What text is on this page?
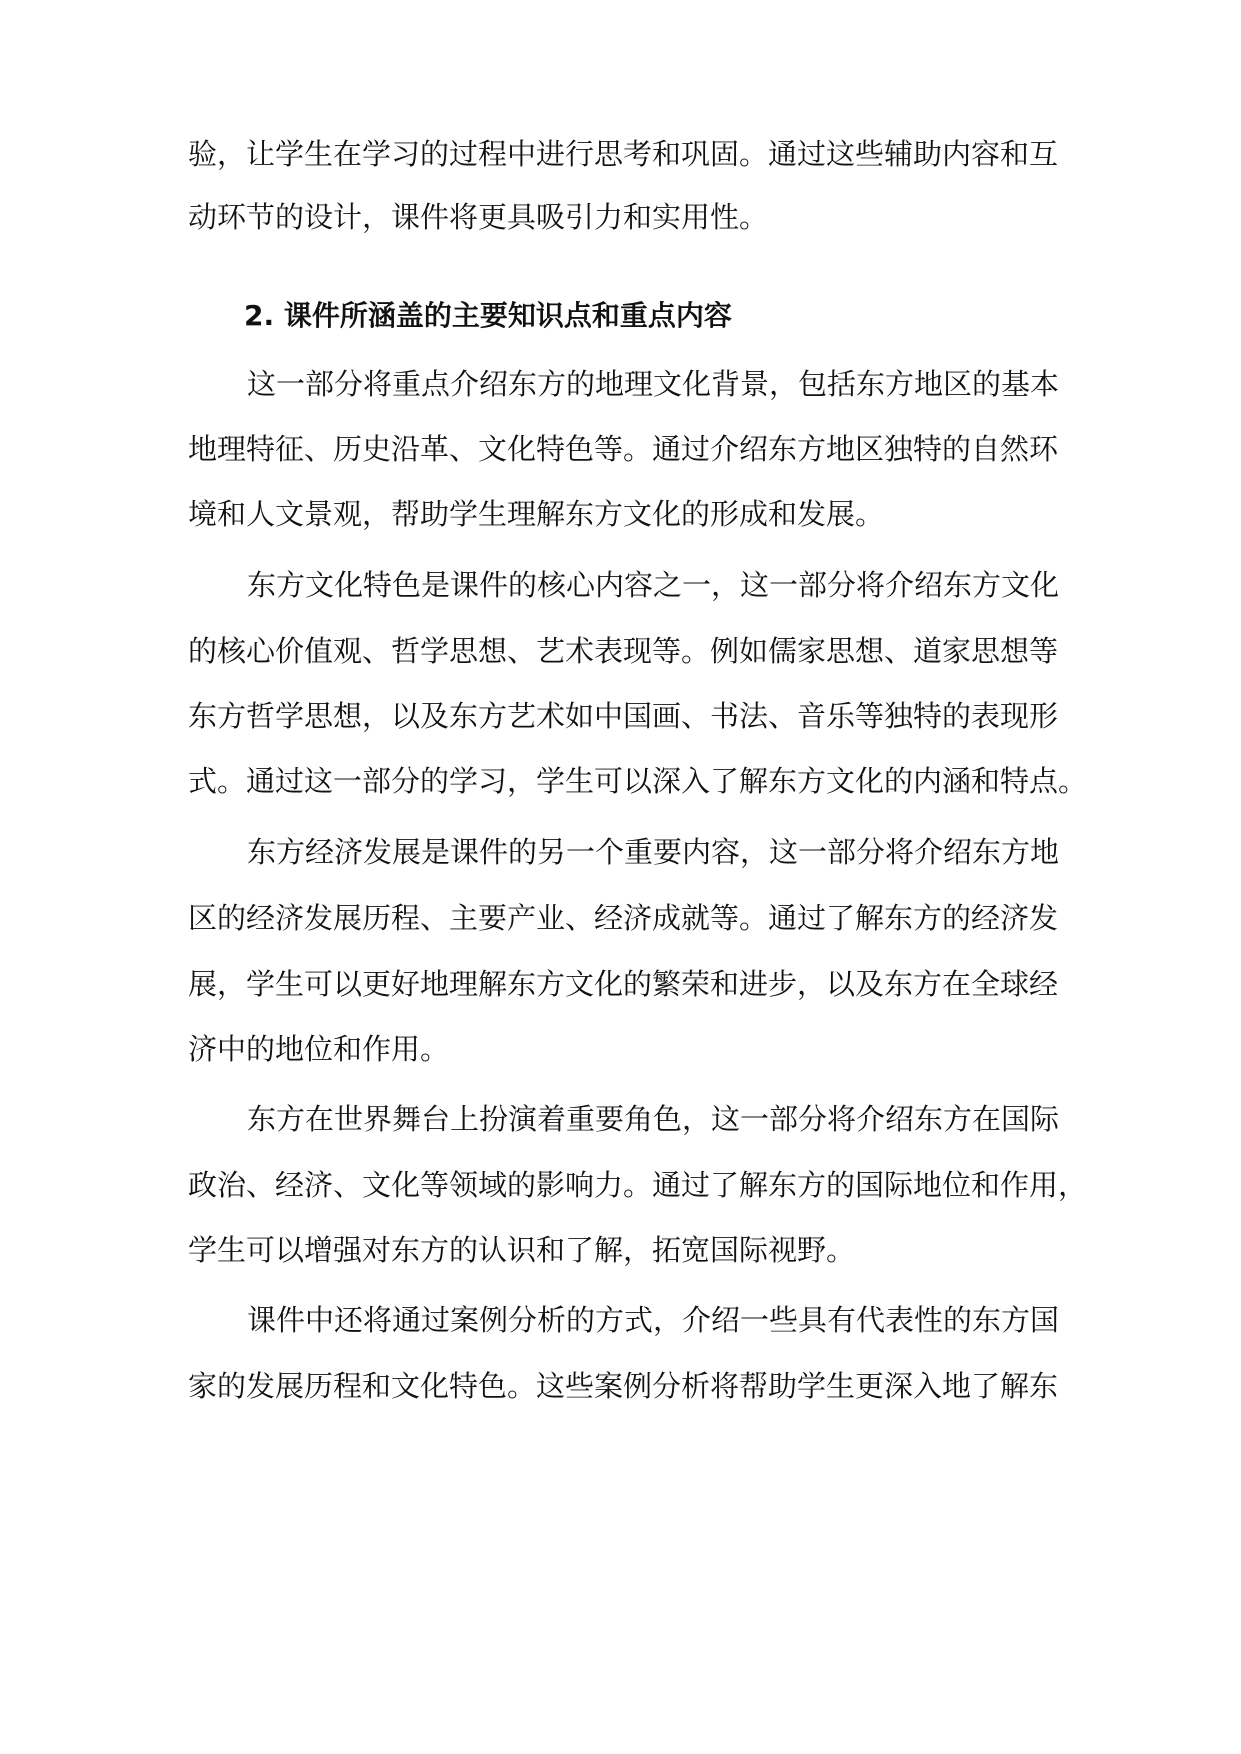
验，让学生在学习的过程中进行思考和巩固。通过这些辅助内容和互
动环节的设计，课件将更具吸引力和实用性。
2. 课件所涵盖的主要知识点和重点内容
这一部分将重点介绍东方的地理文化背景，包括东方地区的基本
地理特征、历史沿革、文化特色等。通过介绍东方地区独特的自然环
境和人文景观，帮助学生理解东方文化的形成和发展。
东方文化特色是课件的核心内容之一，这一部分将介绍东方文化
的核心价值观、哲学思想、艺术表现等。例如儒家思想、道家思想等
东方哲学思想，以及东方艺术如中国画、书法、音乐等独特的表现形
式。通过这一部分的学习，学生可以深入了解东方文化的内涵和特点。
东方经济发展是课件的另一个重要内容，这一部分将介绍东方地
区的经济发展历程、主要产业、经济成就等。通过了解东方的经济发
展，学生可以更好地理解东方文化的繁荣和进步，以及东方在全球经
济中的地位和作用。
东方在世界舞台上扮演着重要角色，这一部分将介绍东方在国际
政治、经济、文化等领域的影响力。通过了解东方的国际地位和作用，
学生可以增强对东方的认识和了解，拓宽国际视野。
课件中还将通过案例分析的方式，介绍一些具有代表性的东方国
家的发展历程和文化特色。这些案例分析将帮助学生更深入地了解东
